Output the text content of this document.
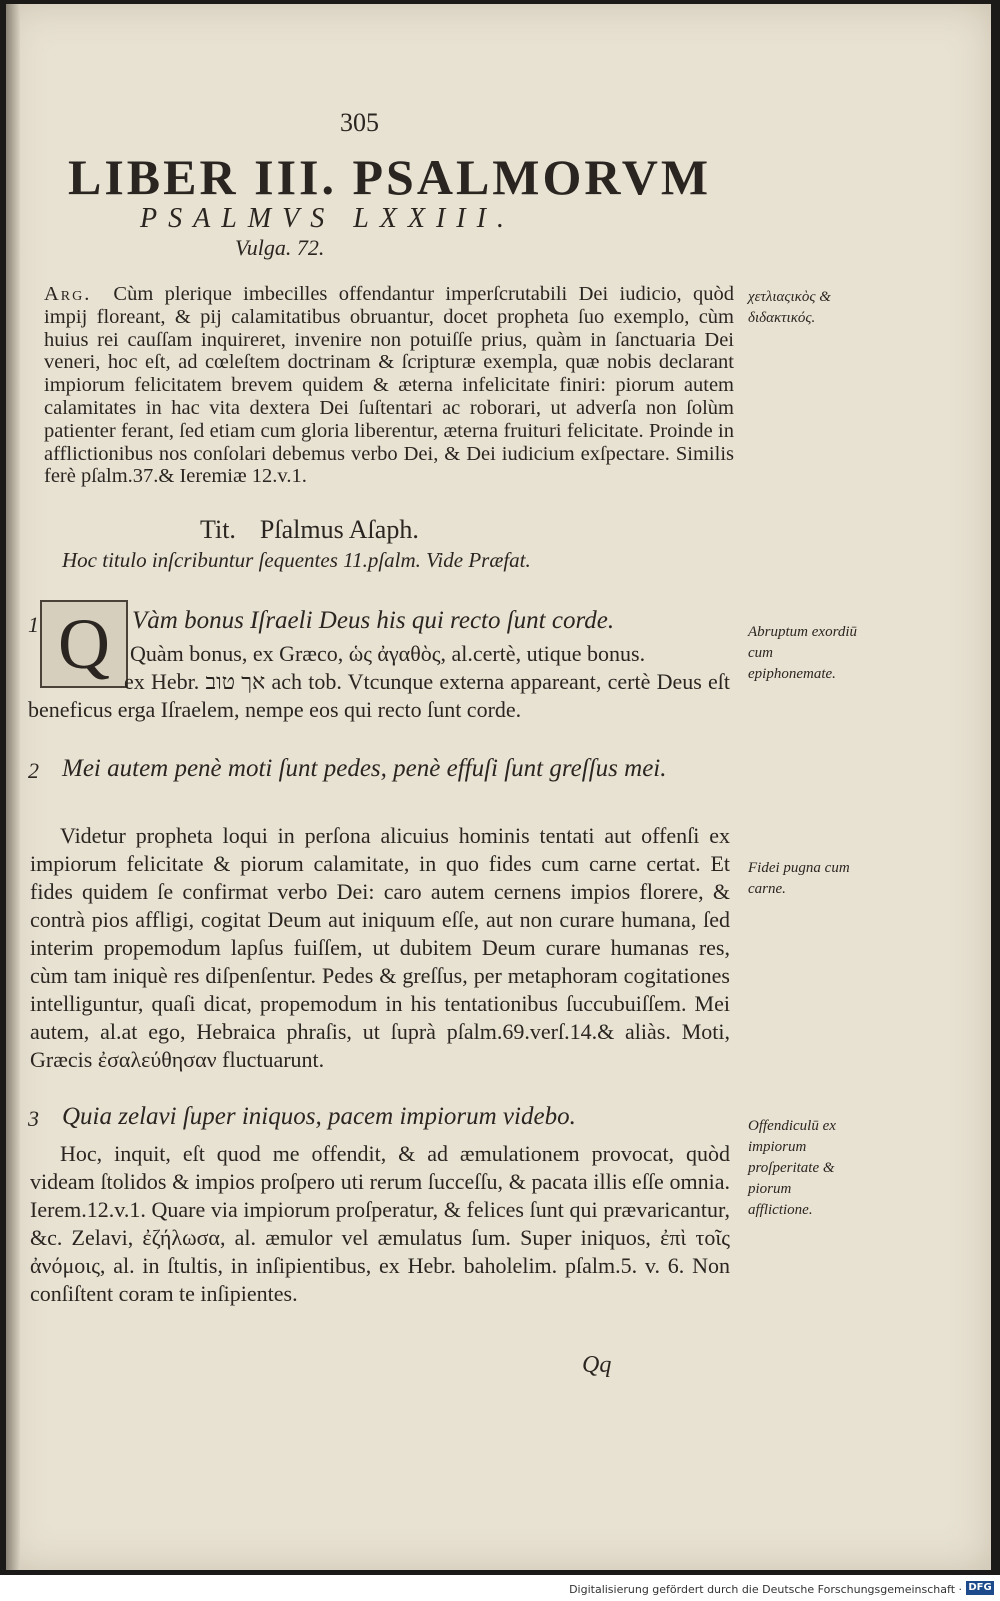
305
LIBER III. PSALMORVM
PSALMVS LXXIII.
Vulga. 72.
Arg. Cùm plerique imbecilles offendantur imperſcrutabili Dei iudicio, quòd impij floreant, & pij calamitatibus obruantur, docet propheta ſuo exemplo, cùm huius rei cauſſam inquireret, invenire non potuiſſe prius, quàm in ſanctuaria Dei veneri, hoc eſt, ad cœleſtem doctrinam & ſcripturæ exempla, quæ nobis declarant impiorum felicitatem brevem quidem & æterna infelicitate finiri: piorum autem calamitates in hac vita dextera Dei ſuſtentari ac roborari, ut adverſa non ſolùm patienter ferant, ſed etiam cum gloria liberentur, æterna fruituri felicitate. Proinde in afflictionibus nos conſolari debemus verbo Dei, & Dei iudicium exſpectare. Similis ferè pſalm.37.& Ieremiæ 12.v.1.
χετλιαςικὸς & διδακτικός.
Tit. Pſalmus Aſaph.
Hoc titulo inſcribuntur ſequentes 11.pſalm. Vide Præfat.
1 Q Vàm bonus Iſraeli Deus his qui recto ſunt corde.
Quàm bonus, ex Græco, ὡς ἀγαθὸς, al.certè, utique bonus.
ex Hebr. אך טוב ach tob. Vtcunque externa appareant, certè Deus eſt beneficus erga Iſraelem, nempe eos qui recto ſunt corde.
Abruptum exordiū cum epiphonemate.
2 Mei autem penè moti ſunt pedes, penè effuſi ſunt greſſus mei.
Videtur propheta loqui in perſona alicuius hominis tentati aut offenſi ex impiorum felicitate & piorum calamitate, in quo fides cum carne certat. Et fides quidem ſe confirmat verbo Dei: caro autem cernens impios florere, & contrà pios affligi, cogitat Deum aut iniquum eſſe, aut non curare humana, ſed interim propemodum lapſus fuiſſem, ut dubitem Deum curare humanas res, cùm tam iniquè res diſpenſentur. Pedes & greſſus, per metaphoram cogitationes intelliguntur, quaſi dicat, propemodum in his tentationibus ſuccubuiſſem. Mei autem, al.at ego, Hebraica phraſis, ut ſuprà pſalm.69.verſ.14.& aliàs. Moti, Græcis ἐσαλεύθησαν fluctuarunt.
Fidei pugna cum carne.
3 Quia zelavi ſuper iniquos, pacem impiorum videbo.
Hoc, inquit, eſt quod me offendit, & ad æmulationem provocat, quòd videam ſtolidos & impios proſpero uti rerum ſucceſſu, & pacata illis eſſe omnia. Ierem.12.v.1. Quare via impiorum proſperatur, & felices ſunt qui prævaricantur, &c. Zelavi, ἐζήλωσα, al. æmulor vel æmulatus ſum. Super iniquos, ἐπὶ τοῖς ἀνόμοις, al. in ſtultis, in inſipientibus, ex Hebr. baholelim. pſalm.5. v. 6. Non conſiſtent coram te inſipientes.
Offendiculū ex impiorum proſperitate & piorum afflictione.
Qq
Digitalisierung gefördert durch die Deutsche Forschungsgemeinschaft · DFG
